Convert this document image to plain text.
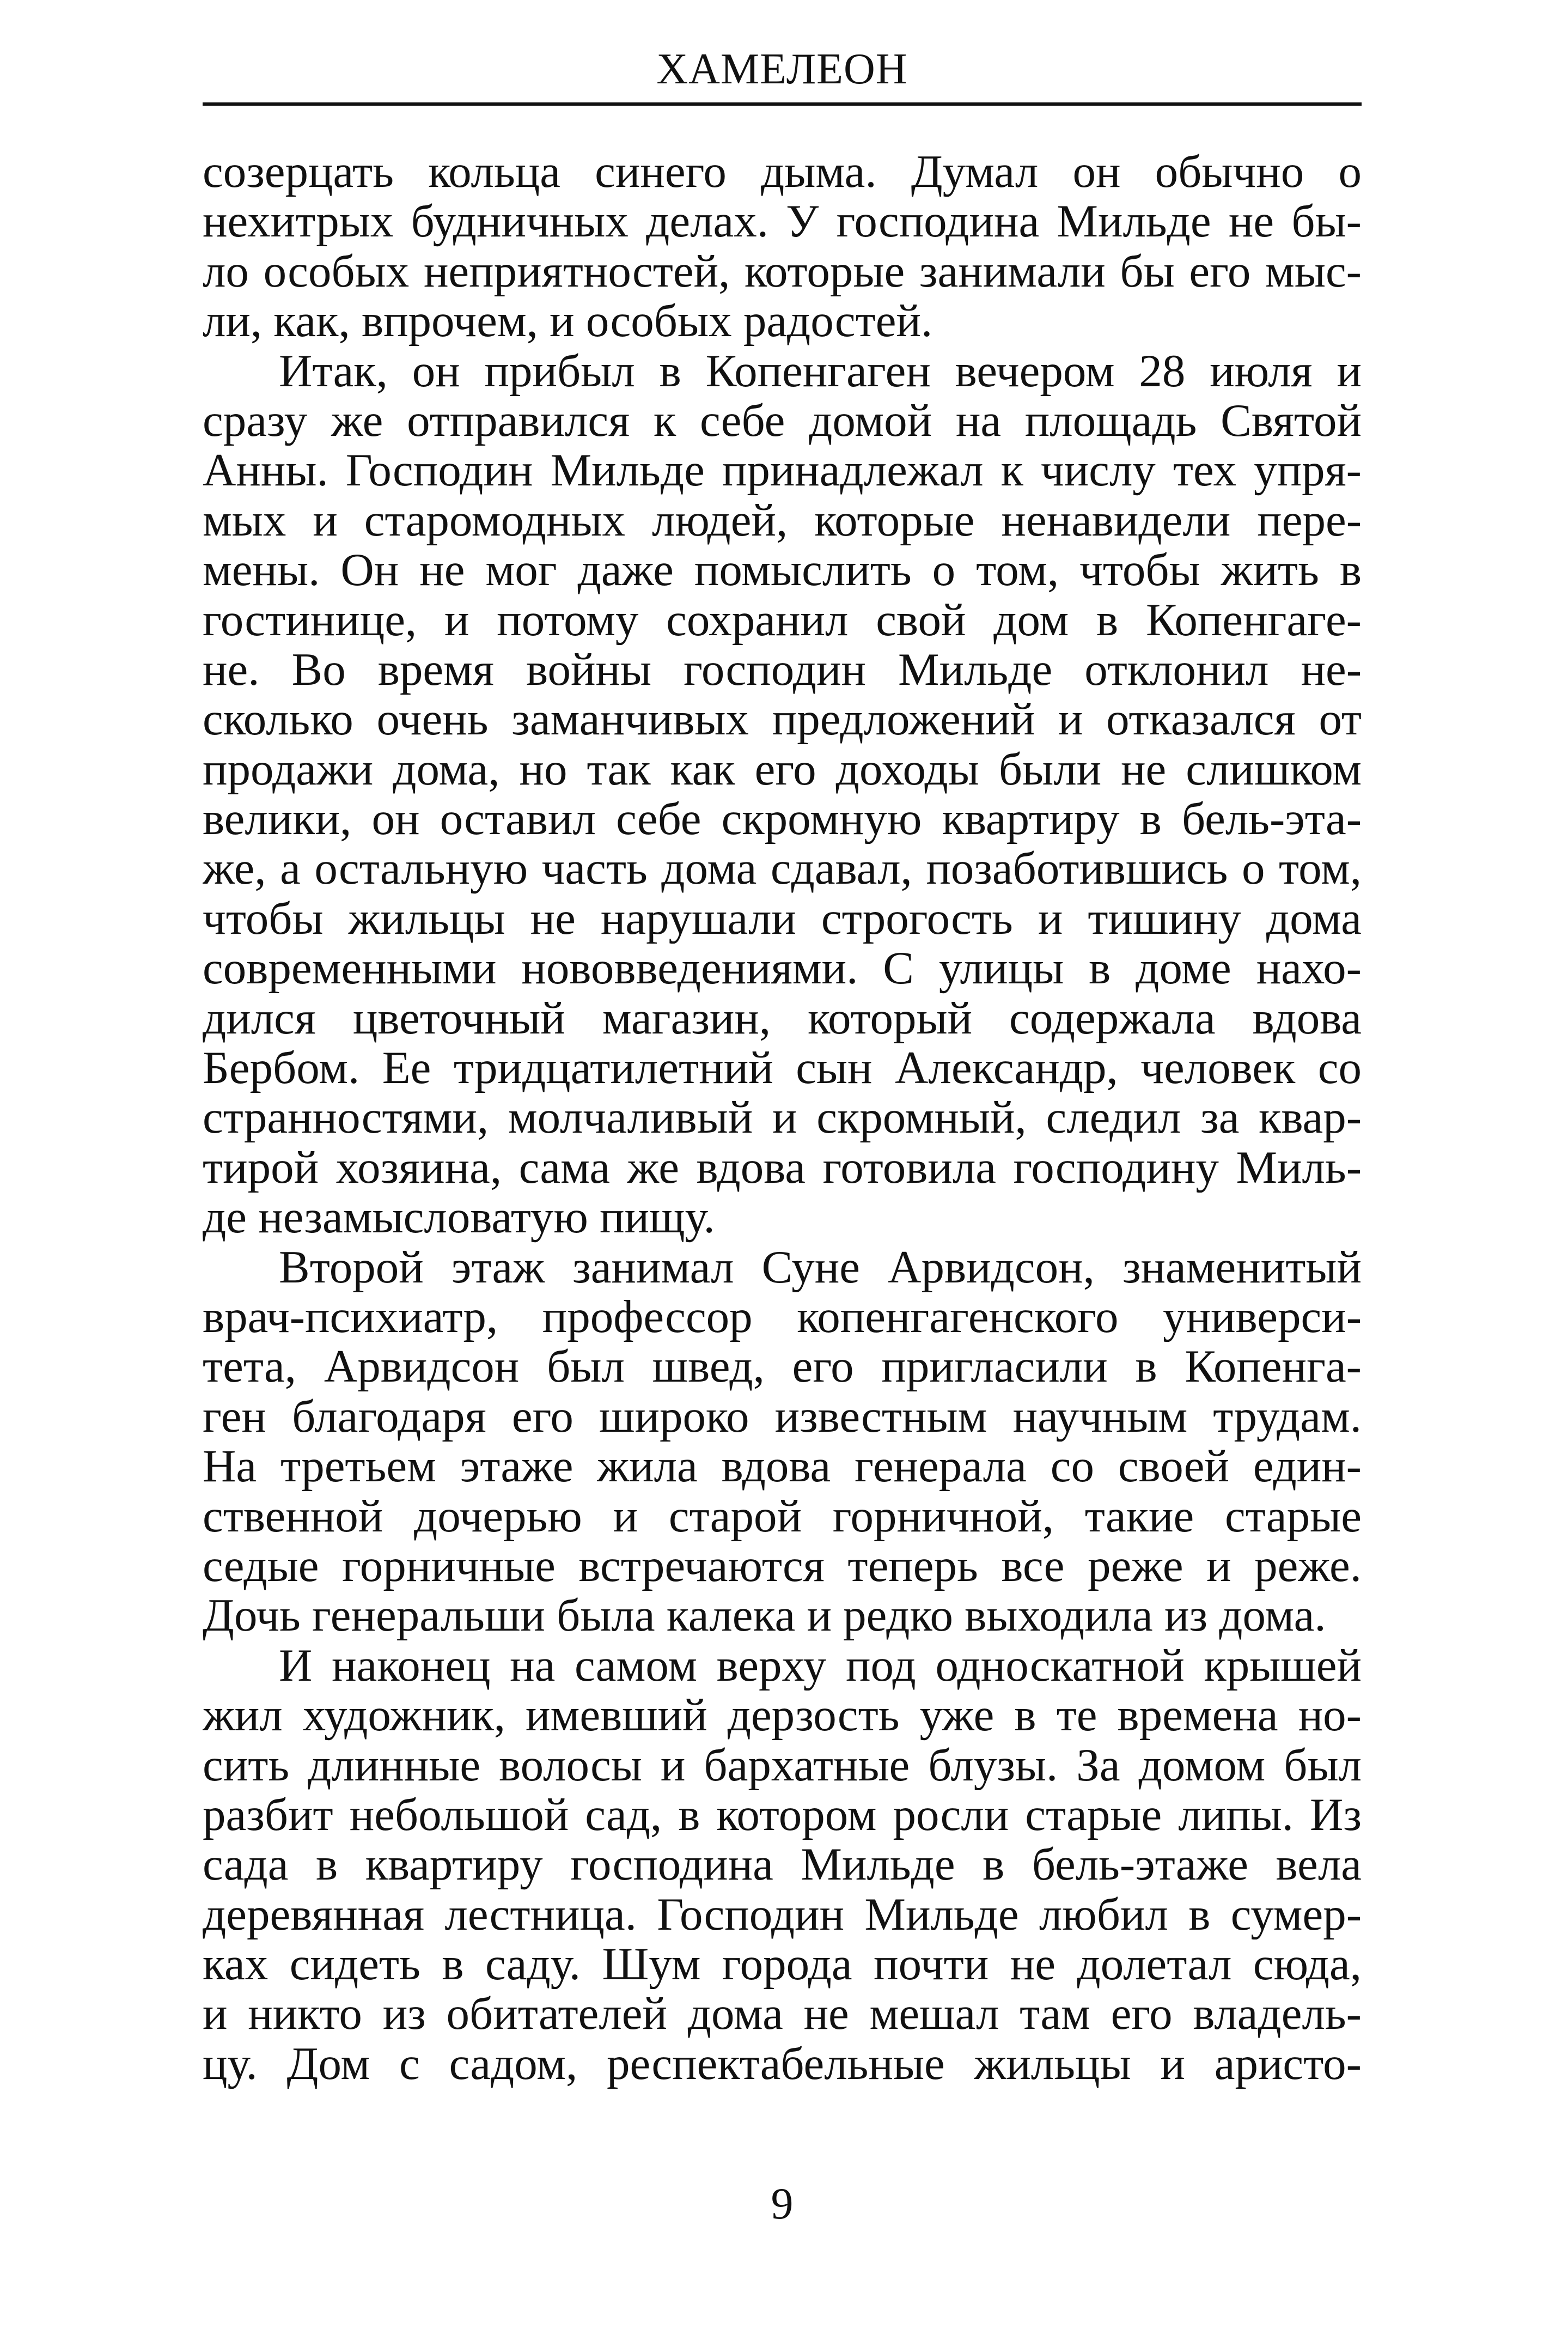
ХАМЕЛЕОН
созерцать кольца синего дыма. Думал он обычно о
нехитрых будничных делах. У господина Мильде не бы-
ло особых неприятностей, которые занимали бы его мыс-
ли, как, впрочем, и особых радостей.
Итак, он прибыл в Копенгаген вечером 28 июля и
сразу же отправился к себе домой на площадь Святой
Анны. Господин Мильде принадлежал к числу тех упря-
мых и старомодных людей, которые ненавидели пере-
мены. Он не мог даже помыслить о том, чтобы жить в
гостинице, и потому сохранил свой дом в Копенгаге-
не. Во время войны господин Мильде отклонил не-
сколько очень заманчивых предложений и отказался от
продажи дома, но так как его доходы были не слишком
велики, он оставил себе скромную квартиру в бель-эта-
же, а остальную часть дома сдавал, позаботившись о том,
чтобы жильцы не нарушали строгость и тишину дома
современными нововведениями. С улицы в доме нахо-
дился цветочный магазин, который содержала вдова
Бербом. Ее тридцатилетний сын Александр, человек со
странностями, молчаливый и скромный, следил за квар-
тирой хозяина, сама же вдова готовила господину Миль-
де незамысловатую пищу.
Второй этаж занимал Суне Арвидсон, знаменитый
врач-психиатр, профессор копенгагенского универси-
тета, Арвидсон был швед, его пригласили в Копенга-
ген благодаря его широко известным научным трудам.
На третьем этаже жила вдова генерала со своей един-
ственной дочерью и старой горничной, такие старые
седые горничные встречаются теперь все реже и реже.
Дочь генеральши была калека и редко выходила из дома.
И наконец на самом верху под односкатной крышей
жил художник, имевший дерзость уже в те времена но-
сить длинные волосы и бархатные блузы. За домом был
разбит небольшой сад, в котором росли старые липы. Из
сада в квартиру господина Мильде в бель-этаже вела
деревянная лестница. Господин Мильде любил в сумер-
ках сидеть в саду. Шум города почти не долетал сюда,
и никто из обитателей дома не мешал там его владель-
цу. Дом с садом, респектабельные жильцы и аристо-
9
